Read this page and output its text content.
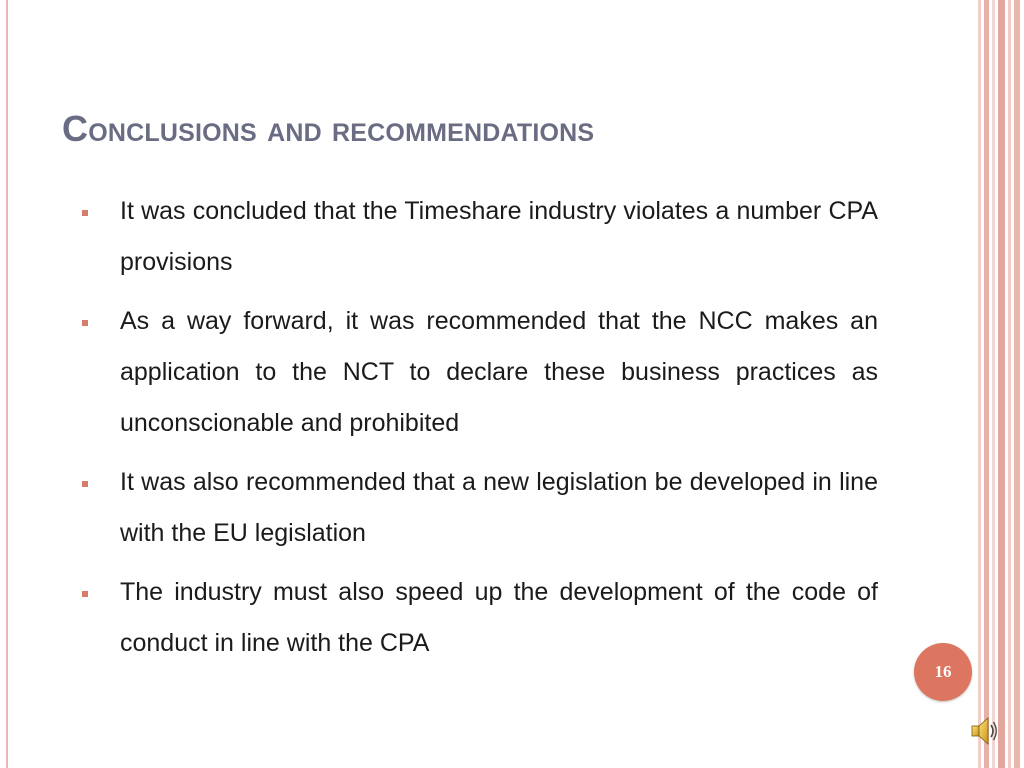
Conclusions and recommendations
It was concluded that the Timeshare industry violates a number CPA provisions
As a way forward, it was recommended that the NCC makes an application to the NCT to declare these business practices as unconscionable and prohibited
It was also recommended that a new legislation be developed in line with the EU legislation
The industry must also speed up the development of the code of conduct in line with the CPA
16
